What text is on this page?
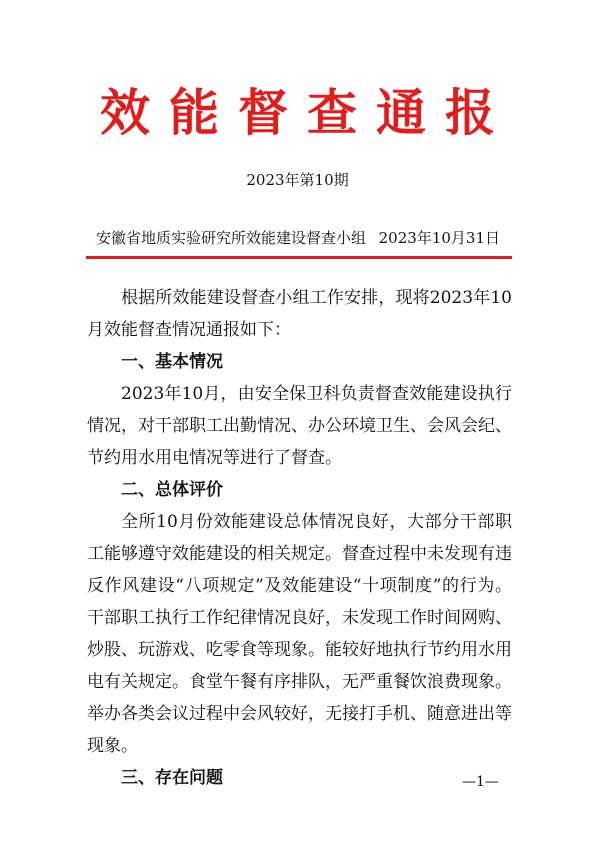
效能督查通报
2023年第10期
安徽省地质实验研究所效能建设督查小组 2023年10月31日

根据所效能建设督查小组工作安排，现将2023年10月效能督查情况通报如下：

一、基本情况

2023年10月，由安全保卫科负责督查效能建设执行情况，对干部职工出勤情况、办公环境卫生、会风会纪、节约用水用电情况等进行了督查。

二、总体评价

全所10月份效能建设总体情况良好，大部分干部职工能够遵守效能建设的相关规定。督查过程中未发现有违反作风建设“八项规定”及效能建设“十项制度”的行为。干部职工执行工作纪律情况良好，未发现工作时间网购、炒股、玩游戏、吃零食等现象。能较好地执行节约用水用电有关规定。食堂午餐有序排队，无严重餐饮浪费现象。举办各类会议过程中会风较好，无接打手机、随意进出等现象。

三、存在问题	—1—
